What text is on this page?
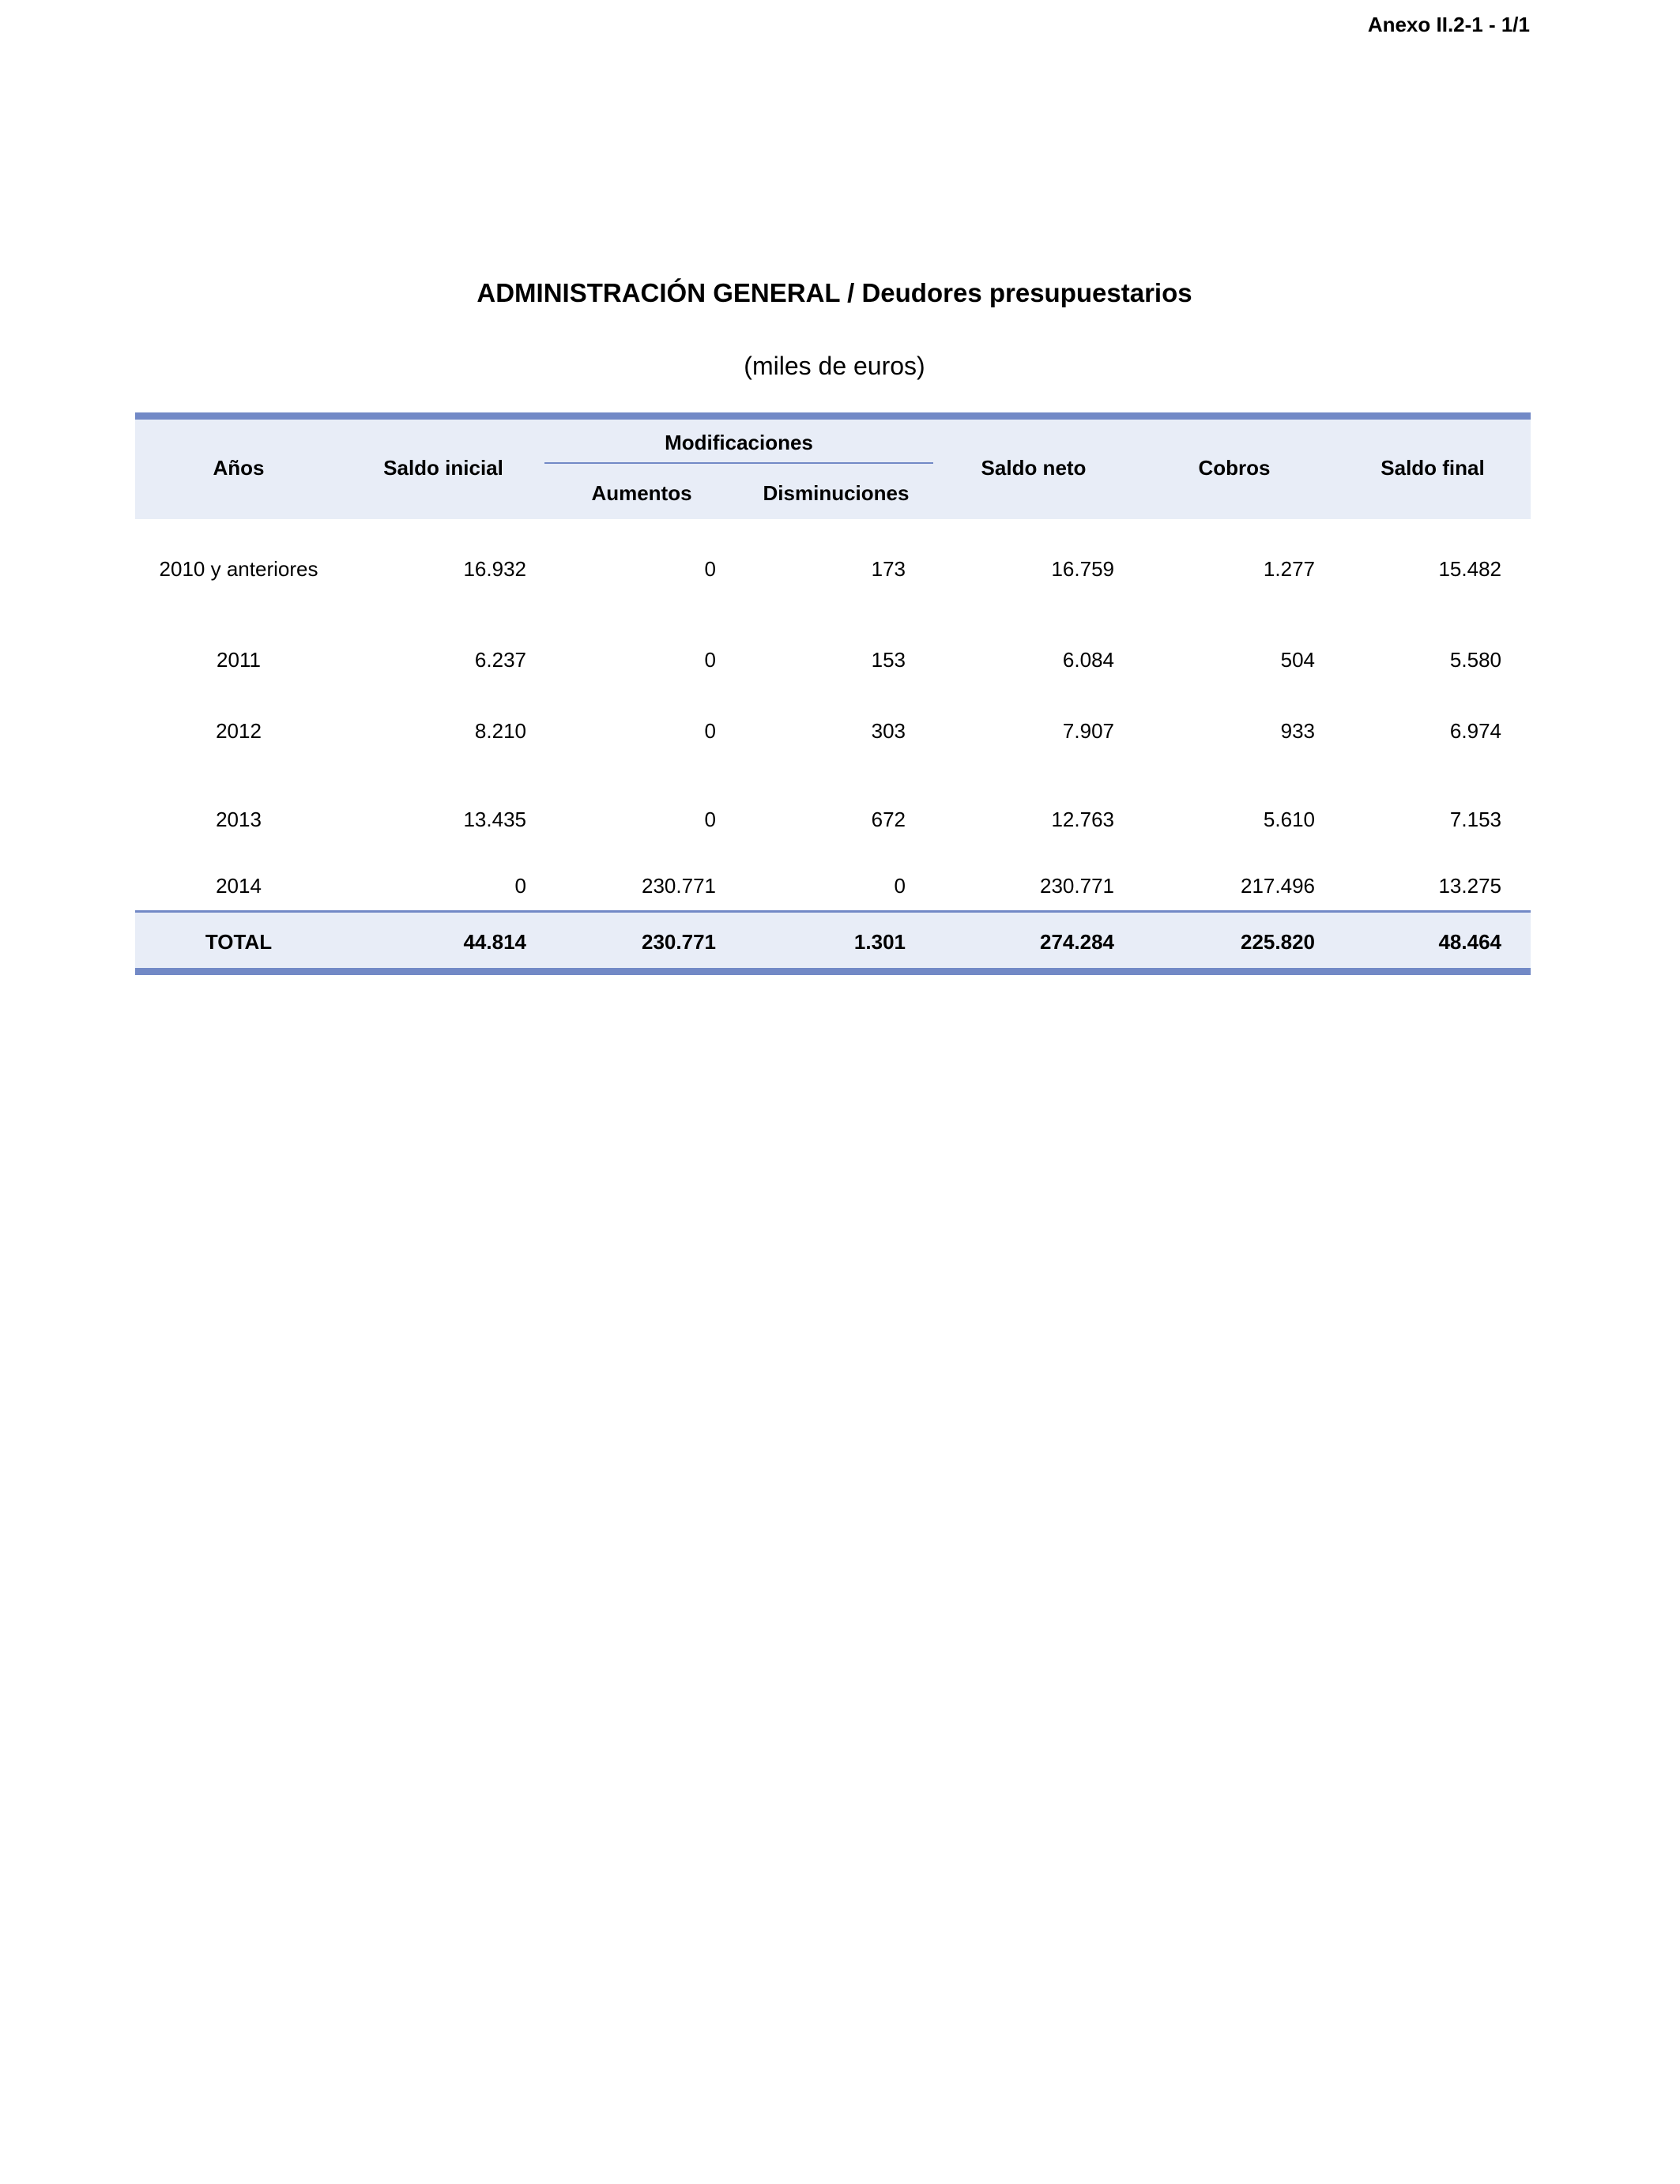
Anexo II.2-1 - 1/1
ADMINISTRACIÓN GENERAL / Deudores presupuestarios
(miles de euros)
Años	Saldo inicial
Modificaciones
Aumentos	Disminuciones
Saldo neto	Cobros	Saldo final
2010 y anteriores	16.932	0	173	16.759	1.277	15.482
2011	6.237	0	153	6.084	504	5.580
2012	8.210	0	303	7.907	933	6.974
2013	13.435	0	672	12.763	5.610	7.153
2014	0	230.771	0	230.771	217.496	13.275
TOTAL	44.814	230.771	1.301	274.284	225.820	48.464
